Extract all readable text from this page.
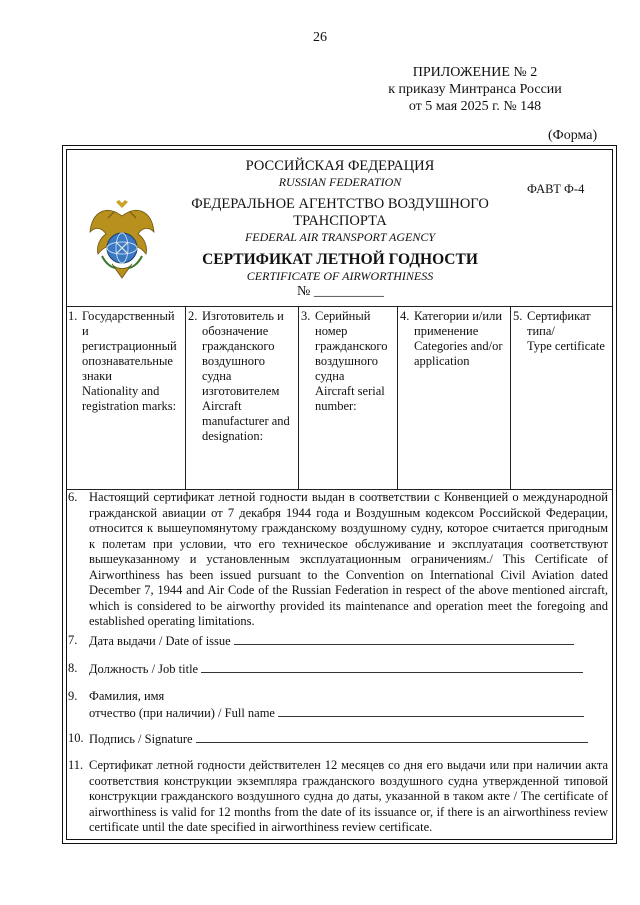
26
ПРИЛОЖЕНИЕ № 2
к приказу Минтранса России
от 5 мая 2025 г. № 148
(Форма)
РОССИЙСКАЯ ФЕДЕРАЦИЯ
RUSSIAN FEDERATION
ФЕДЕРАЛЬНОЕ АГЕНТСТВО ВОЗДУШНОГО
ТРАНСПОРТА
FEDERAL AIR TRANSPORT AGENCY
СЕРТИФИКАТ ЛЕТНОЙ ГОДНОСТИ
CERTIFICATE OF AIRWORTHINESS
№ __________
ФАВТ Ф-4
1. Государственный
и
регистрационный
опознавательные
знаки
Nationality and
registration marks:
	2. Изготовитель и
обозначение
гражданского
воздушного
судна
изготовителем
Aircraft
manufacturer and
designation:
	3. Серийный
номер
гражданского
воздушного
судна
Aircraft serial
number:
	4. Категории и/или
применение
Categories and/or
application
	5. Сертификат
типа/
Type certificate
6. Настоящий сертификат летной годности выдан в соответствии с Конвенцией о международной гражданской авиации от 7 декабря 1944 года и Воздушным кодексом Российской Федерации, относится к вышеупомянутому гражданскому воздушному судну, которое считается пригодным к полетам при условии, что его техническое обслуживание и эксплуатация соответствуют вышеуказанному и установленным эксплуатационным ограничениям./ This Certificate of Airworthiness has been issued pursuant to the Convention on International Civil Aviation dated December 7, 1944 and Air Code of the Russian Federation in respect of the above mentioned aircraft, which is considered to be airworthy provided its maintenance and operation meet the foregoing and established operating limitations.
7. Дата выдачи / Date of issue
8. Должность / Job title
9. Фамилия, имя
отчество (при наличии) / Full name
10. Подпись / Signature
11. Сертификат летной годности действителен 12 месяцев со дня его выдачи или при наличии акта соответствия конструкции экземпляра гражданского воздушного судна утвержденной типовой конструкции гражданского воздушного судна до даты, указанной в таком акте / The certificate of airworthiness is valid for 12 months from the date of its issuance or, if there is an airworthiness review certificate until the date specified in airworthiness review certificate.
